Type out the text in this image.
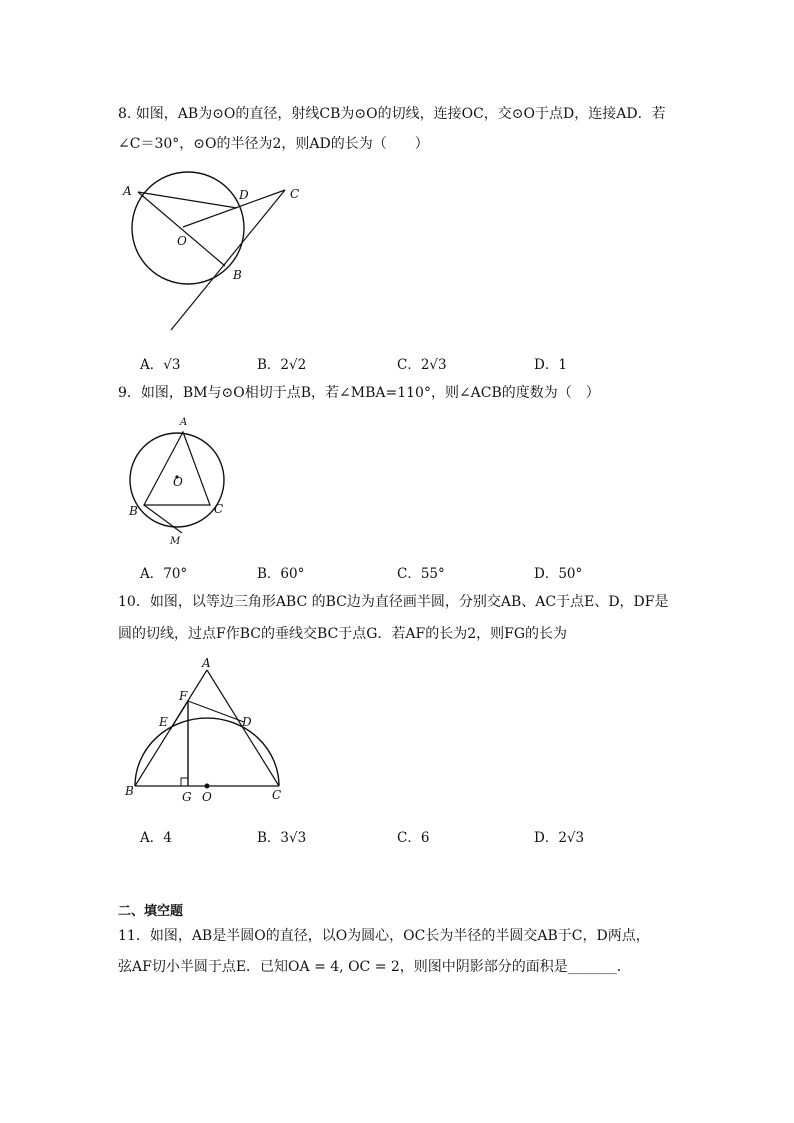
8. 如图，AB为⊙O的直径，射线CB为⊙O的切线，连接OC，交⊙O于点D，连接AD．若
∠C＝30°，⊙O的半径为2，则AD的长为（　　）
A	D	C
O
B
A．√3	B．2√2	C．2√3	D．1
9．如图，BM与⊙O相切于点B，若∠MBA=110°，则∠ACB的度数为（　）
A
O
B	C
M
A．70°	B．60°	C．55°	D．50°
10．如图，以等边三角形ABC 的BC边为直径画半圆，分别交AB、AC于点E、D，DF是
圆的切线，过点F作BC的垂线交BC于点G．若AF的长为2，则FG的长为
A
F
E	D
B	G O	C
A．4	B．3√3	C．6	D．2√3
二、填空题
11．如图，AB是半圆O的直径，以O为圆心，OC长为半径的半圆交AB于C，D两点，
弦AF切小半圆于点E．已知OA = 4, OC = 2，则图中阴影部分的面积是_______．
